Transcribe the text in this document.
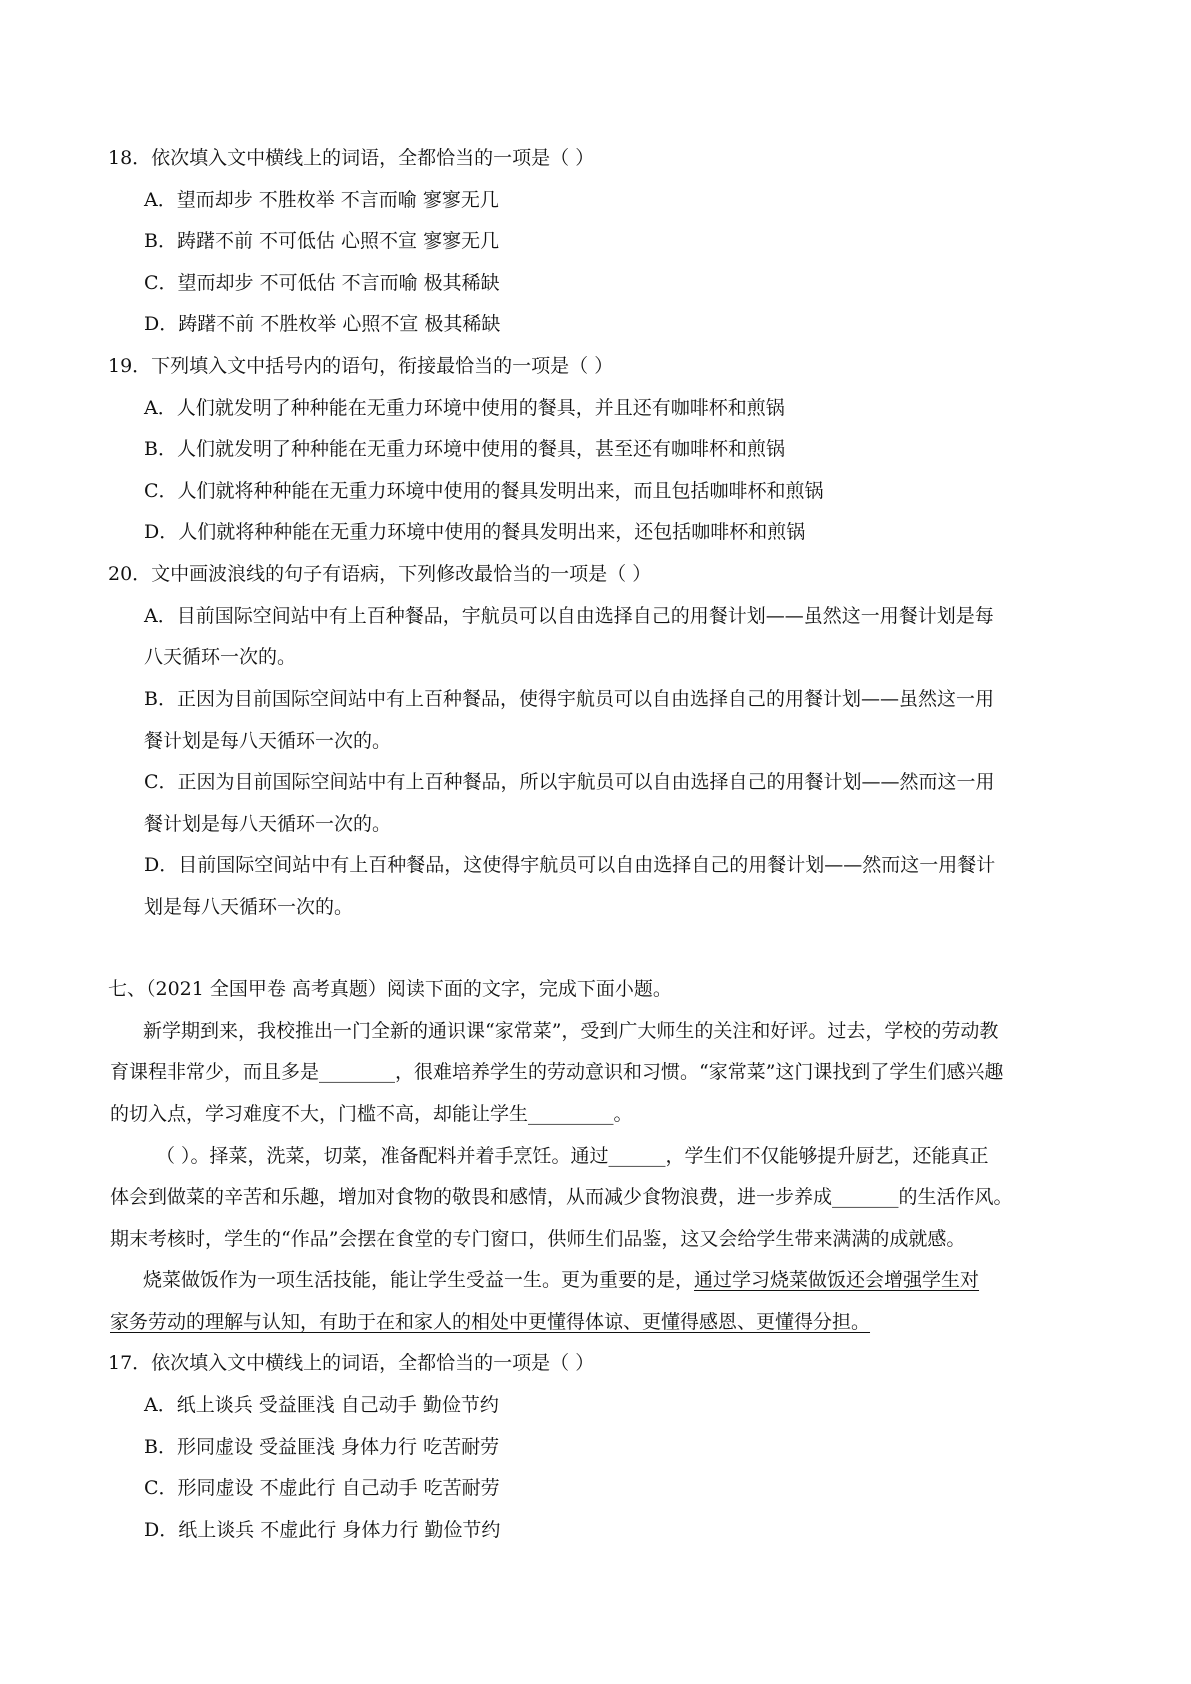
18．依次填入文中横线上的词语，全都恰当的一项是（ ）
A．望而却步 不胜枚举 不言而喻 寥寥无几
B．踌躇不前 不可低估 心照不宣 寥寥无几
C．望而却步 不可低估 不言而喻 极其稀缺
D．踌躇不前 不胜枚举 心照不宣 极其稀缺
19．下列填入文中括号内的语句，衔接最恰当的一项是（ ）
A．人们就发明了种种能在无重力环境中使用的餐具，并且还有咖啡杯和煎锅
B．人们就发明了种种能在无重力环境中使用的餐具，甚至还有咖啡杯和煎锅
C．人们就将种种能在无重力环境中使用的餐具发明出来，而且包括咖啡杯和煎锅
D．人们就将种种能在无重力环境中使用的餐具发明出来，还包括咖啡杯和煎锅
20．文中画波浪线的句子有语病，下列修改最恰当的一项是（ ）
A．目前国际空间站中有上百种餐品，宇航员可以自由选择自己的用餐计划——虽然这一用餐计划是每
八天循环一次的。
B．正因为目前国际空间站中有上百种餐品，使得宇航员可以自由选择自己的用餐计划——虽然这一用
餐计划是每八天循环一次的。
C．正因为目前国际空间站中有上百种餐品，所以宇航员可以自由选择自己的用餐计划——然而这一用
餐计划是每八天循环一次的。
D．目前国际空间站中有上百种餐品，这使得宇航员可以自由选择自己的用餐计划——然而这一用餐计
划是每八天循环一次的。
七、（2021 全国甲卷 高考真题）阅读下面的文字，完成下面小题。
新学期到来，我校推出一门全新的通识课“家常菜”，受到广大师生的关注和好评。过去，学校的劳动教
育课程非常少，而且多是________，很难培养学生的劳动意识和习惯。“家常菜”这门课找到了学生们感兴趣
的切入点，学习难度不大，门槛不高，却能让学生_________。
（ ）。择菜，洗菜，切菜，准备配料并着手烹饪。通过______，学生们不仅能够提升厨艺，还能真正
体会到做菜的辛苦和乐趣，增加对食物的敬畏和感情，从而减少食物浪费，进一步养成_______的生活作风。
期末考核时，学生的“作品”会摆在食堂的专门窗口，供师生们品鉴，这又会给学生带来满满的成就感。
烧菜做饭作为一项生活技能，能让学生受益一生。更为重要的是，通过学习烧菜做饭还会增强学生对
家务劳动的理解与认知，有助于在和家人的相处中更懂得体谅、更懂得感恩、更懂得分担。
17．依次填入文中横线上的词语，全都恰当的一项是（ ）
A．纸上谈兵 受益匪浅 自己动手 勤俭节约
B．形同虚设 受益匪浅 身体力行 吃苦耐劳
C．形同虚设 不虚此行 自己动手 吃苦耐劳
D．纸上谈兵 不虚此行 身体力行 勤俭节约
